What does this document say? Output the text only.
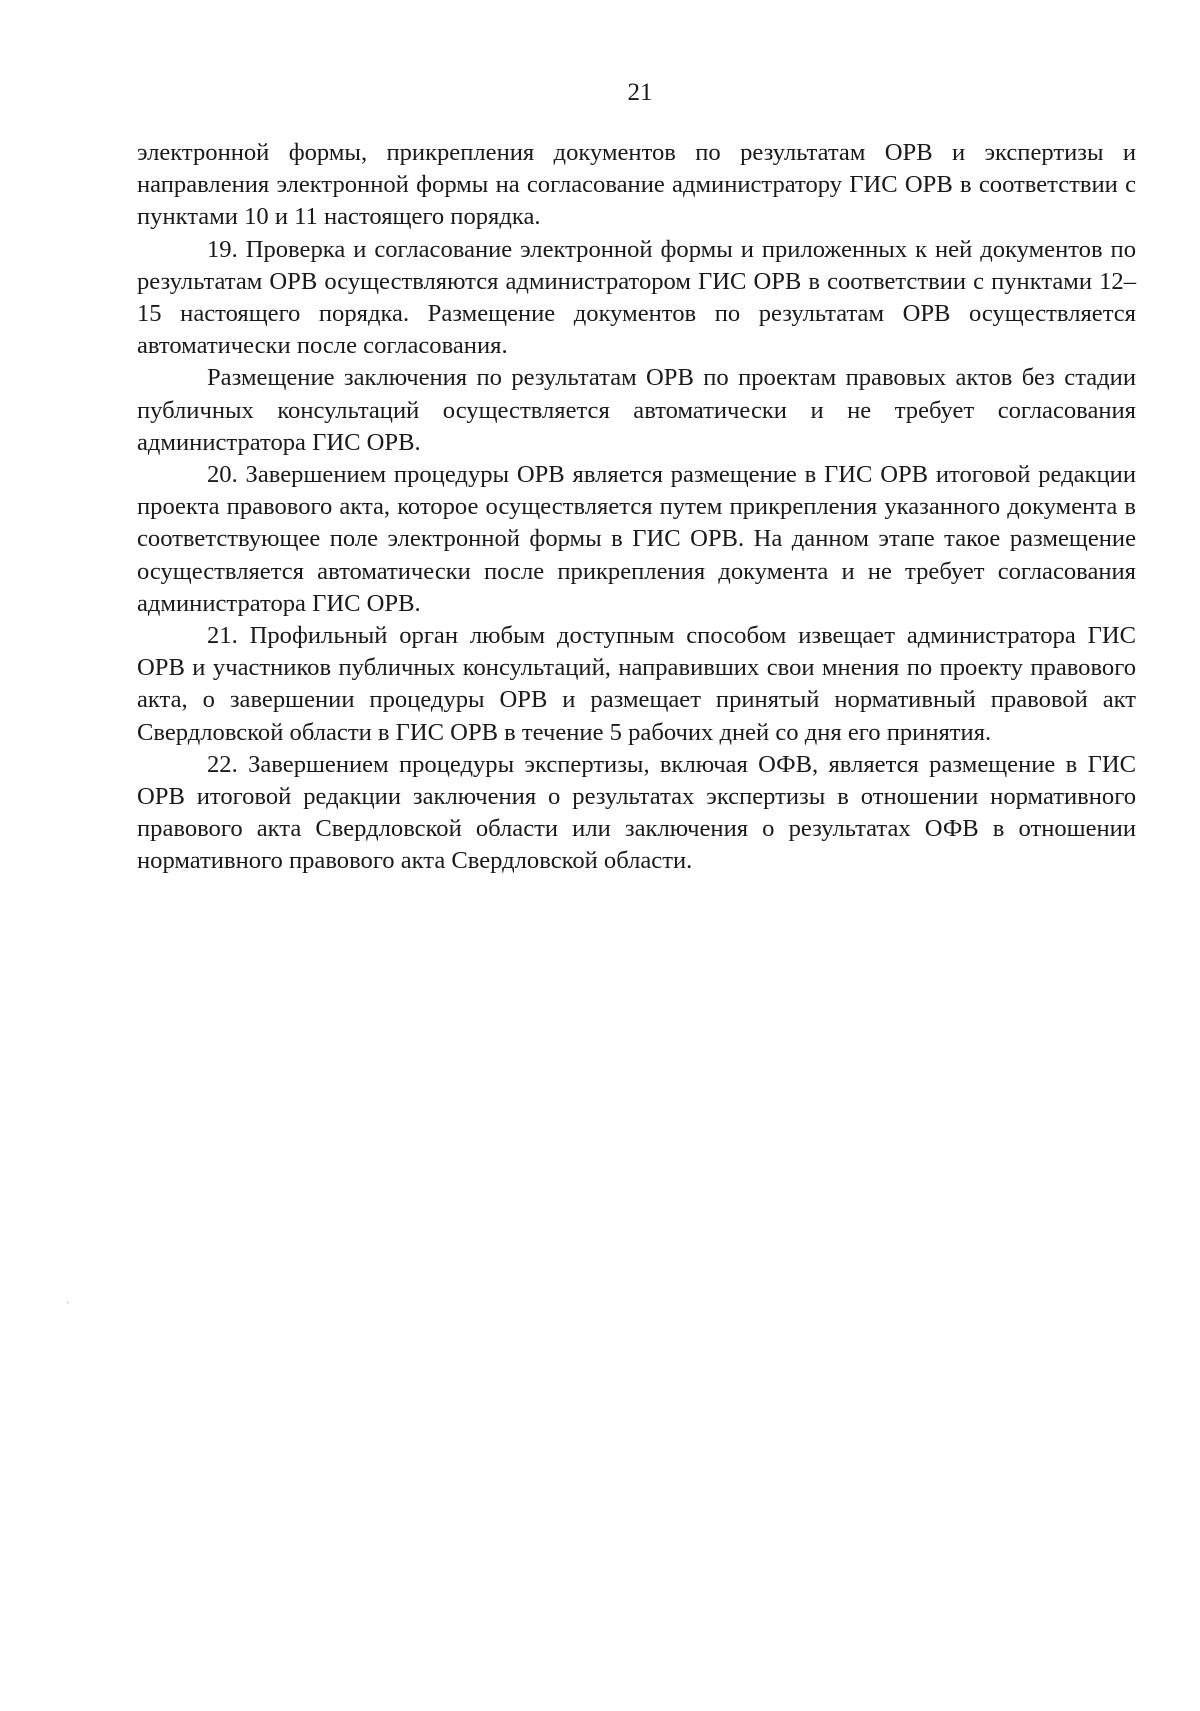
21

электронной формы, прикрепления документов по результатам ОРВ и экспертизы и направления электронной формы на согласование администратору ГИС ОРВ в соответствии с пунктами 10 и 11 настоящего порядка.

19. Проверка и согласование электронной формы и приложенных к ней документов по результатам ОРВ осуществляются администратором ГИС ОРВ в соответствии с пунктами 12–15 настоящего порядка. Размещение документов по результатам ОРВ осуществляется автоматически после согласования.

Размещение заключения по результатам ОРВ по проектам правовых актов без стадии публичных консультаций осуществляется автоматически и не требует согласования администратора ГИС ОРВ.

20. Завершением процедуры ОРВ является размещение в ГИС ОРВ итоговой редакции проекта правового акта, которое осуществляется путем прикрепления указанного документа в соответствующее поле электронной формы в ГИС ОРВ. На данном этапе такое размещение осуществляется автоматически после прикрепления документа и не требует согласования администратора ГИС ОРВ.

21. Профильный орган любым доступным способом извещает администратора ГИС ОРВ и участников публичных консультаций, направивших свои мнения по проекту правового акта, о завершении процедуры ОРВ и размещает принятый нормативный правовой акт Свердловской области в ГИС ОРВ в течение 5 рабочих дней со дня его принятия.

22. Завершением процедуры экспертизы, включая ОФВ, является размещение в ГИС ОРВ итоговой редакции заключения о результатах экспертизы в отношении нормативного правового акта Свердловской области или заключения о результатах ОФВ в отношении нормативного правового акта Свердловской области.
